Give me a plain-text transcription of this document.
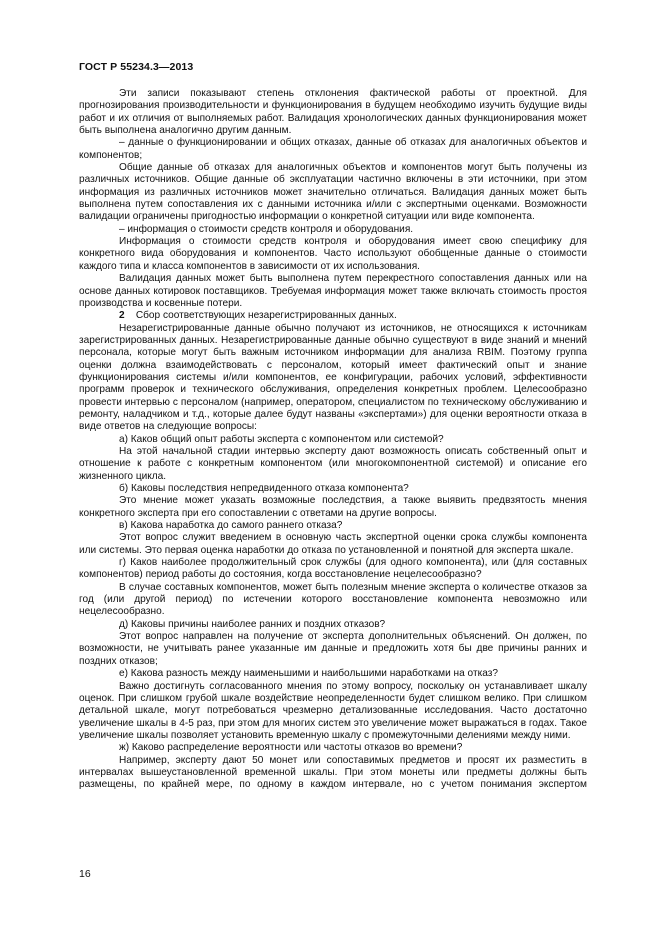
ГОСТ Р 55234.3—2013

Эти записи показывают степень отклонения фактической работы от проектной. Для прогнозирования производительности и функционирования в будущем необходимо изучить будущие виды работ и их отличия от выполняемых работ. Валидация хронологических данных функционирования может быть выполнена аналогично другим данным.

– данные о функционировании и общих отказах, данные об отказах для аналогичных объектов и компонентов;

Общие данные об отказах для аналогичных объектов и компонентов могут быть получены из различных источников. Общие данные об эксплуатации частично включены в эти источники, при этом информация из различных источников может значительно отличаться. Валидация данных может быть выполнена путем сопоставления их с данными источника и/или с экспертными оценками. Возможности валидации ограничены пригодностью информации о конкретной ситуации или виде компонента.

– информация о стоимости средств контроля и оборудования.

Информация о стоимости средств контроля и оборудования имеет свою специфику для конкретного вида оборудования и компонентов. Часто используют обобщенные данные о стоимости каждого типа и класса компонентов в зависимости от их использования.

Валидация данных может быть выполнена путем перекрестного сопоставления данных или на основе данных котировок поставщиков. Требуемая информация может также включать стоимость простоя производства и косвенные потери.

2 Сбор соответствующих незарегистрированных данных.

Незарегистрированные данные обычно получают из источников, не относящихся к источникам зарегистрированных данных. Незарегистрированные данные обычно существуют в виде знаний и мнений персонала, которые могут быть важным источником информации для анализа RBIM. Поэтому группа оценки должна взаимодействовать с персоналом, который имеет фактический опыт и знание функционирования системы и/или компонентов, ее конфигурации, рабочих условий, эффективности программ проверок и технического обслуживания, определения конкретных проблем. Целесообразно провести интервью с персоналом (например, оператором, специалистом по техническому обслуживанию и ремонту, наладчиком и т.д., которые далее будут названы «экспертами») для оценки вероятности отказа в виде ответов на следующие вопросы:

а) Каков общий опыт работы эксперта с компонентом или системой?

На этой начальной стадии интервью эксперту дают возможность описать собственный опыт и отношение к работе с конкретным компонентом (или многокомпонентной системой) и описание его жизненного цикла.

б) Каковы последствия непредвиденного отказа компонента?

Это мнение может указать возможные последствия, а также выявить предвзятость мнения конкретного эксперта при его сопоставлении с ответами на другие вопросы.

в) Какова наработка до самого раннего отказа?

Этот вопрос служит введением в основную часть экспертной оценки срока службы компонента или системы. Это первая оценка наработки до отказа по установленной и понятной для эксперта шкале.

г) Каков наиболее продолжительный срок службы (для одного компонента), или (для составных компонентов) период работы до состояния, когда восстановление нецелесообразно?

В случае составных компонентов, может быть полезным мнение эксперта о количестве отказов за год (или другой период) по истечении которого восстановление компонента невозможно или нецелесообразно.

д) Каковы причины наиболее ранних и поздних отказов?

Этот вопрос направлен на получение от эксперта дополнительных объяснений. Он должен, по возможности, не учитывать ранее указанные им данные и предложить хотя бы две причины ранних и поздних отказов;

е) Какова разность между наименьшими и наибольшими наработками на отказ?

Важно достигнуть согласованного мнения по этому вопросу, поскольку он устанавливает шкалу оценок. При слишком грубой шкале воздействие неопределенности будет слишком велико. При слишком детальной шкале, могут потребоваться чрезмерно детализованные исследования. Часто достаточно увеличение шкалы в 4-5 раз, при этом для многих систем это увеличение может выражаться в годах. Такое увеличение шкалы позволяет установить временную шкалу с промежуточными делениями между ними.

ж) Каково распределение вероятности или частоты отказов во времени?

Например, эксперту дают 50 монет или сопоставимых предметов и просят их разместить в интервалах вышеустановленной временной шкалы. При этом монеты или предметы должны быть размещены, по крайней мере, по одному в каждом интервале, но с учетом понимания экспертом

16
